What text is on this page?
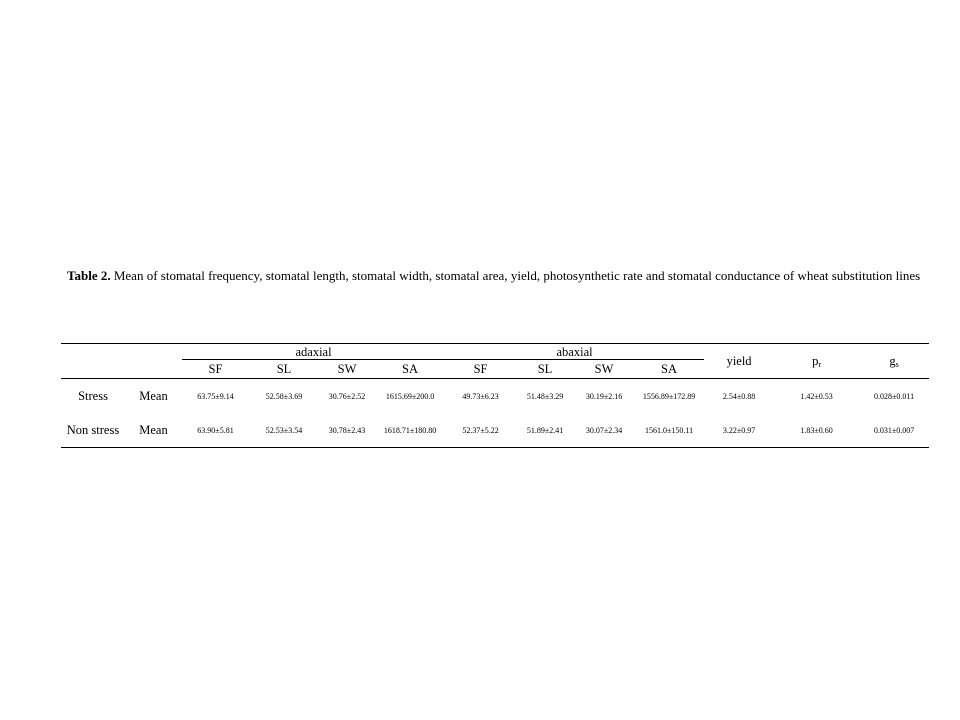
Table 2. Mean of stomatal frequency, stomatal length, stomatal width, stomatal area, yield, photosynthetic rate and stomatal conductance of wheat substitution lines

		adaxial				abaxial				yield	$p_r$	$g_s$
		SF	SL	SW	SA	SF	SL	SW	SA			
Stress	Mean	63.75±9.14	52.58±3.69	30.76±2.52	1615.69±200.0	49.73±6.23	51.48±3.29	30.19±2.16	1556.89±172.89	2.54±0.88	1.42±0.53	0.028±0.011
Non stress	Mean	63.90±5.81	52.53±3.54	30.78±2.43	1618.71±180.80	52.37±5.22	51.89±2.41	30.07±2.34	1561.0±150.11	3.22±0.97	1.83±0.60	0.031±0.007
